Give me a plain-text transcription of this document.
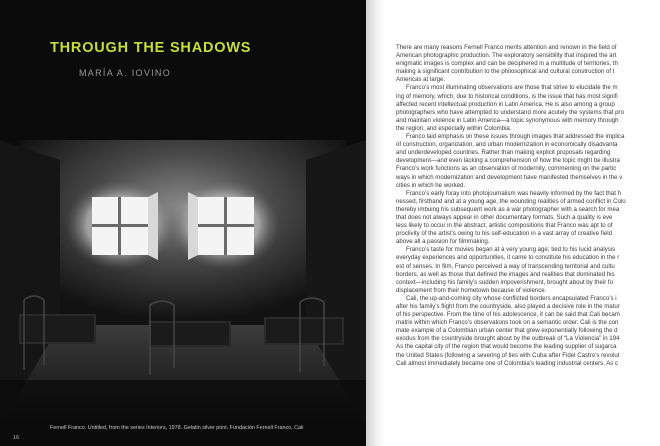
THROUGH THE SHADOWS
MARÍA A. IOVINO
Fernell Franco. Untitled, from the series Interiors, 1978. Gelatin silver print. Fundación Fernell Franco, Cali
16
There are many reasons Fernell Franco merits attention and renown in the field of
American photographic production. The exploratory sensibility that inspired the art
enigmatic images is complex and can be deciphered in a multitude of territories, th
making a significant contribution to the philosophical and cultural construction of t
Americas at large.
Franco’s most illuminating observations are those that strive to elucidate the m
ing of memory, which, due to historical conditions, is the issue that has most signifi
affected recent intellectual production in Latin America. He is also among a group
photographers who have attempted to understand more acutely the systems that pro
and maintain violence in Latin America—a topic synonymous with memory through
the region, and especially within Colombia.
Franco laid emphasis on these issues through images that addressed the implica
of construction, organization, and urban modernization in economically disadvanta
and underdeveloped countries. Rather than making explicit proposals regarding
development—and even lacking a comprehension of how the topic might be illustra
Franco’s work functions as an observation of modernity, commenting on the partic
ways in which modernization and development have manifested themselves in the v
cities in which he worked.
Franco’s early foray into photojournalism was heavily informed by the fact that h
nessed, firsthand and at a young age, the wounding realities of armed conflict in Colo
thereby imbuing his subsequent work as a war photographer with a search for mea
that does not always appear in other documentary formats. Such a quality is eve
less likely to occur in the abstract, artistic compositions that Franco was apt to of
proclivity of the artist’s owing to his self-education in a vast array of creative field
above all a passion for filmmaking.
Franco’s taste for movies began at a very young age; tied to his lucid analysis
everyday experiences and opportunities, it came to constitute his education in the r
est of senses. In film, Franco perceived a way of transcending territorial and cultu
borders, as well as those that defined the images and realities that dominated his
context—including his family’s sudden impoverishment, brought about by their fo
displacement from their hometown because of violence.
Cali, the up-and-coming city whose conflicted borders encapsulated Franco’s i
after his family’s flight from the countryside, also played a decisive role in the matur
of his perspective. From the time of his adolescence, it can be said that Cali becam
matrix within which Franco’s observations took on a semantic order. Cali is the con
mate example of a Colombian urban center that grew exponentially following the d
exodus from the countryside brought about by the outbreak of “La Violencia” in 194
As the capital city of the region that would become the leading supplier of sugarca
the United States (following a severing of ties with Cuba after Fidel Castro’s revolut
Cali almost immediately became one of Colombia’s leading industrial centers. As c
